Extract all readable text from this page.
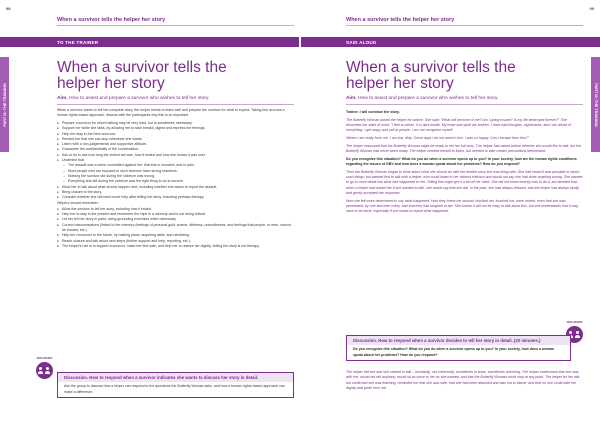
98
When a survivor tells the helper her story
TO THE TRAINER
PART III: THE TRAINING
When a survivor tells the
helper her story
Aim. How to assist and prepare a survivor who wishes to tell her story.

When a survivor wants to tell her complete story, the helper needs to listen well and prepare the survivor for what to expect. Taking into account a human rights-based approach, discuss with the participants why this is so important.

■ Prepare a survivor for whom talking may be very hard, but is sometimes necessary.
■ Support her while she talks, by allowing her to take breaks, digest and express her feelings.
■ Help her stay in the here and now.
■ Remind her that she can stop whenever she wants.
■ Listen with a non-judgemental and supportive attitude.
■ Guarantee the confidentiality of the conversation.
■ Ask or try to ask how long the violent act was, how it ended and how she knows it was over.
■ Underline that
– The assault was a crime committed against her, that she is innocent, and in pain.
– Most people who are exposed to such violence have strong reactions.
– Nothing the survivor did during the violence was wrong.
– Everything she did during the violence was the right thing to do to survive.
■ Allow her to talk about what should happen next, including whether she wants to report the assault.
■ Bring closure to the story.
■ Consider whether she will need more help after telling her story, including perhaps therapy.

Helpers should remember:

■ Allow the survivor to tell her story, including how it ended.
■ Help her to stay in the present and remember the rape is a memory and is not being relived.
■ Let her tell her story in parts, using grounding exercises when necessary.
■ Correct misconceptions (linked to her memory (feelings of personal guilt, shame, dirtiness, unworthiness, and feelings that people, or men, cannot be trusted, etc.).
■ Help her reconnect to the future, by making plans, acquiring skills, and rebuilding.
■ Reach closure and talk about next steps (further support and help, reporting, etc.).
■ The helper's role is to support a survivor, make her feel safe, and help her to restore her dignity; telling the story is not therapy.
DISCUSSION
Discussion. How to respond when a survivor indicates she wants to discuss her story in detail.
Ask the group to discuss how a helper can respond to the questions the Butterfly Woman asks, and how a human rights-based approach can make a difference.
99
When a survivor tells the helper her story
SAID ALOUD
PART III: THE TRAINING
When a survivor tells the
helper her story
Aim. How to assist and prepare a survivor who wishes to tell her story.

Trainer. I will continue the story.

The Butterfly Woman asked the helper for advice. She said: "What will become of me? Am I going insane? Is my life destroyed forever?" She described her state of mind: "I feel so alone. It is dark inside. My heart and spirit are broken. I have bad thoughts, nightmares, and I am afraid of everything. I get angry and yell at people. I am not recognize myself.

Where I am really from me. I am lost, dirty. Some days I do not want to live. I was so happy. Can I escape from this?"

The helper reassured that the Butterfly Woman might be ready to tell her full story. The helper had asked before whether she would like to talk, but the Butterfly Woman had never been ready. The helper needed herself to listen, but needed to take certain precautions beforehand.

Do you recognize this situation? What do you do when a survivor opens up to you? In your society, how are the human rights conditions regarding the issues of GBV and how does a woman speak about her problems? How do you respond?

Then the Butterfly Woman began to think about what she should do with the terrible story she was living with. She had heard it was possible to report such things, but wanted first to talk with a helper, who could listen to her without criticism and would not say she had done anything wrong. She wanted to go in more detail into what had happened to her. Telling this might get it a bit off her mind. She did not know exactly how to do it, but decided that, when a helper had asked her if she wanted to talk, she would say that she did. In the past, she had always refused, and the helper had always kindly and gently accepted her response.

Now she felt more determined to say what happened. How they threw her around, insulted her, touched her, were violent, even that she was penetrated, by one and then many, and that they had laughed at her. She knows it will not be easy to talk about this, but she understands that it may have to be done, especially if she wants to report what happened.

DISCUSSION
Discussion. How to respond when a survivor decides to tell her story in detail. (20 minutes.)
Do you recognize this situation? What do you do when a survivor opens up to you? In your society, how does a woman speak about her problems? How do you respond?

The helper did see and she started to talk – hesitantly, not coherently, sometimes in tears, sometimes shivering. The helper understood that she was with her, would not tell anybody, would sit as close to her as she wanted, and that the Butterfly Woman could stop at any point. The helper let her talk but confirmed she was listening, reminded her that she was safe, that she had been attacked and was not to blame, and that no one could take her dignity and pride from her.
